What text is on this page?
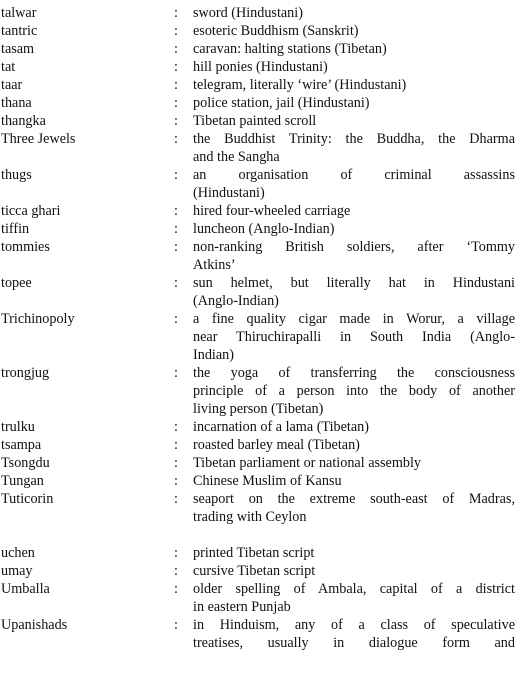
talwar	: sword (Hindustani)
tantric	: esoteric Buddhism (Sanskrit)
tasam	: caravan: halting stations (Tibetan)
tat	: hill ponies (Hindustani)
taar	: telegram, literally ‘wire’ (Hindustani)
thana	: police station, jail (Hindustani)
thangka	: Tibetan painted scroll
Three Jewels	: the Buddhist Trinity: the Buddha, the Dharma
and the Sangha
thugs	: an organisation of criminal assassins
(Hindustani)
ticca ghari	: hired four-wheeled carriage
tiffin	: luncheon (Anglo-Indian)
tommies	: non-ranking British soldiers, after ‘Tommy
Atkins’
topee	: sun helmet, but literally hat in Hindustani
(Anglo-Indian)
Trichinopoly	: a fine quality cigar made in Worur, a village
near Thiruchirapalli in South India (Anglo-
Indian)
trongjug	: the yoga of transferring the consciousness
principle of a person into the body of another
living person (Tibetan)
trulku	: incarnation of a lama (Tibetan)
tsampa	: roasted barley meal (Tibetan)
Tsongdu	: Tibetan parliament or national assembly
Tungan	: Chinese Muslim of Kansu
Tuticorin	: seaport on the extreme south-east of Madras,
trading with Ceylon
uchen	: printed Tibetan script
umay	: cursive Tibetan script
Umballa	: older spelling of Ambala, capital of a district
in eastern Punjab
Upanishads	: in Hinduism, any of a class of speculative
treatises, usually in dialogue form and
